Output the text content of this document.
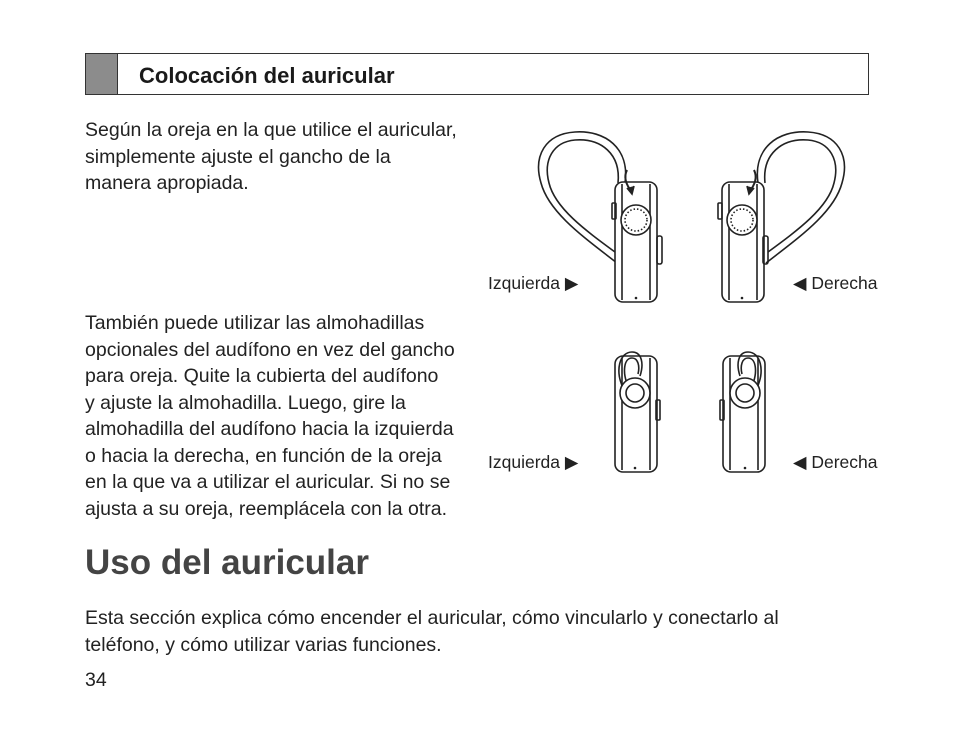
Colocación del auricular
Según la oreja en la que utilice el auricular,
simplemente ajuste el gancho de la
manera apropiada.
Izquierda ▶	◀ Derecha
También puede utilizar las almohadillas
opcionales del audífono en vez del gancho
para oreja. Quite la cubierta del audífono
y ajuste la almohadilla. Luego, gire la
almohadilla del audífono hacia la izquierda
o hacia la derecha, en función de la oreja
en la que va a utilizar el auricular. Si no se
ajusta a su oreja, reemplácela con la otra.
Izquierda ▶	◀ Derecha
Uso del auricular
Esta sección explica cómo encender el auricular, cómo vincularlo y conectarlo al
teléfono, y cómo utilizar varias funciones.
34
